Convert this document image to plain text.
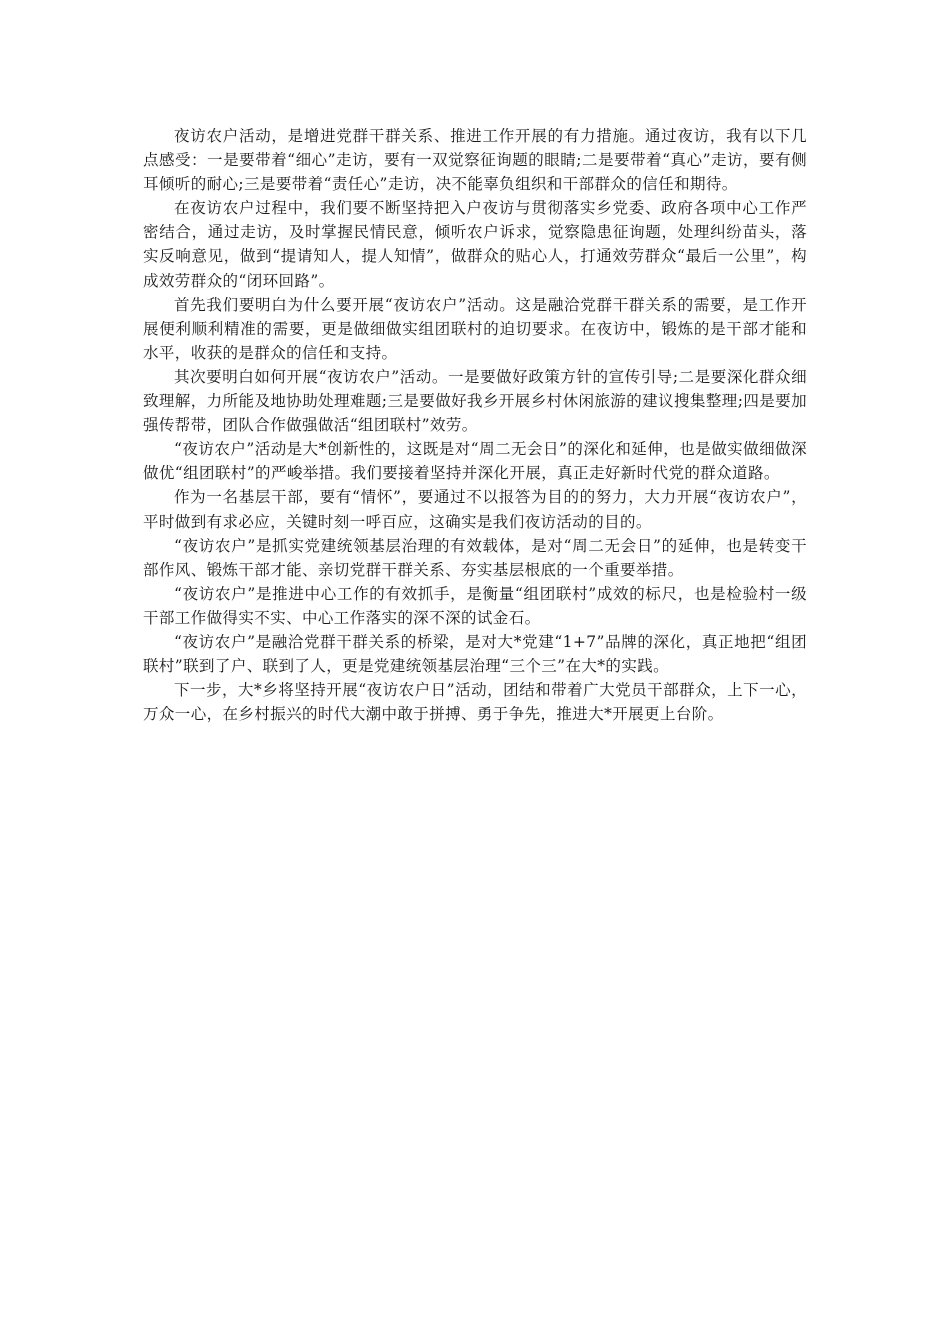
夜访农户活动，是增进党群干群关系、推进工作开展的有力措施。通过夜访，我有以下几点感受：一是要带着“细心”走访，要有一双觉察征询题的眼睛;二是要带着“真心”走访，要有侧耳倾听的耐心;三是要带着“责任心”走访，决不能辜负组织和干部群众的信任和期待。

在夜访农户过程中，我们要不断坚持把入户夜访与贯彻落实乡党委、政府各项中心工作严密结合，通过走访，及时掌握民情民意，倾听农户诉求，觉察隐患征询题，处理纠纷苗头，落实反响意见，做到“提请知人，提人知情”，做群众的贴心人，打通效劳群众“最后一公里”，构成效劳群众的“闭环回路”。

首先我们要明白为什么要开展“夜访农户”活动。这是融洽党群干群关系的需要，是工作开展便利顺利精准的需要，更是做细做实组团联村的迫切要求。在夜访中，锻炼的是干部才能和水平，收获的是群众的信任和支持。

其次要明白如何开展“夜访农户”活动。一是要做好政策方针的宣传引导;二是要深化群众细致理解，力所能及地协助处理难题;三是要做好我乡开展乡村休闲旅游的建议搜集整理;四是要加强传帮带，团队合作做强做活“组团联村”效劳。

“夜访农户”活动是大*创新性的，这既是对“周二无会日”的深化和延伸，也是做实做细做深做优“组团联村”的严峻举措。我们要接着坚持并深化开展，真正走好新时代党的群众道路。

作为一名基层干部，要有“情怀”，要通过不以报答为目的的努力，大力开展“夜访农户”，平时做到有求必应，关键时刻一呼百应，这确实是我们夜访活动的目的。

“夜访农户”是抓实党建统领基层治理的有效载体，是对“周二无会日”的延伸，也是转变干部作风、锻炼干部才能、亲切党群干群关系、夯实基层根底的一个重要举措。

“夜访农户”是推进中心工作的有效抓手，是衡量“组团联村”成效的标尺，也是检验村一级干部工作做得实不实、中心工作落实的深不深的试金石。

“夜访农户”是融洽党群干群关系的桥梁，是对大*党建“1+7”品牌的深化，真正地把“组团联村”联到了户、联到了人，更是党建统领基层治理“三个三”在大*的实践。

下一步，大*乡将坚持开展“夜访农户日”活动，团结和带着广大党员干部群众，上下一心，万众一心，在乡村振兴的时代大潮中敢于拼搏、勇于争先，推进大*开展更上台阶。
